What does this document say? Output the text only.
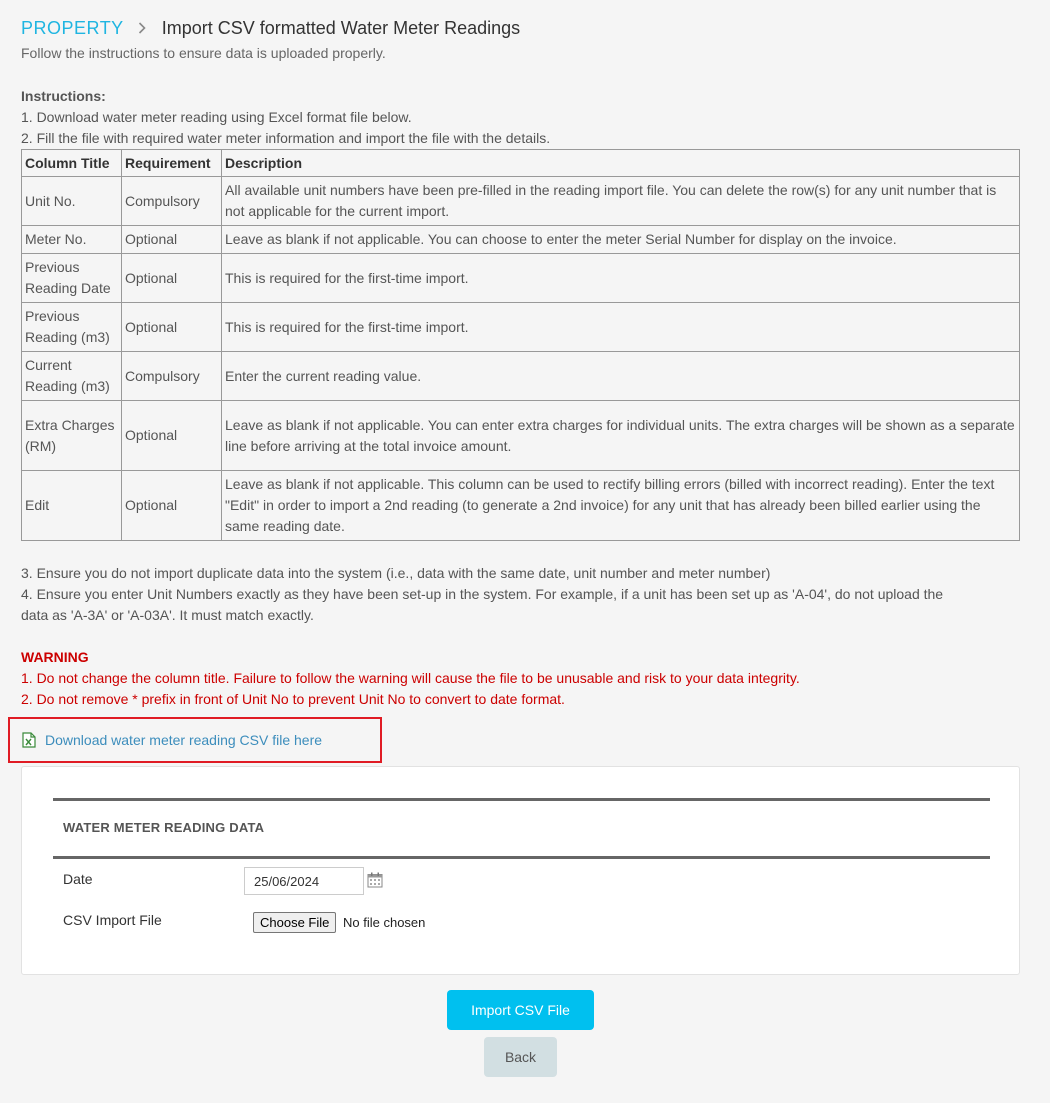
PROPERTY Import CSV formatted Water Meter Readings
Follow the instructions to ensure data is uploaded properly.
Instructions:
1. Download water meter reading using Excel format file below.
2. Fill the file with required water meter information and import the file with the details.
Column Title	Requirement	Description
Unit No.	Compulsory	All available unit numbers have been pre-filled in the reading import file. You can delete the row(s) for any unit number that is not applicable for the current import.
Meter No.	Optional	Leave as blank if not applicable. You can choose to enter the meter Serial Number for display on the invoice.
Previous Reading Date	Optional	This is required for the first-time import.
Previous Reading (m3)	Optional	This is required for the first-time import.
Current Reading (m3)	Compulsory	Enter the current reading value.
Extra Charges (RM)	Optional	Leave as blank if not applicable. You can enter extra charges for individual units. The extra charges will be shown as a separate line before arriving at the total invoice amount.
Edit	Optional	Leave as blank if not applicable. This column can be used to rectify billing errors (billed with incorrect reading). Enter the text "Edit" in order to import a 2nd reading (to generate a 2nd invoice) for any unit that has already been billed earlier using the same reading date.
3. Ensure you do not import duplicate data into the system (i.e., data with the same date, unit number and meter number)
4. Ensure you enter Unit Numbers exactly as they have been set-up in the system. For example, if a unit has been set up as 'A-04', do not upload the
data as 'A-3A' or 'A-03A'. It must match exactly.
WARNING
1. Do not change the column title. Failure to follow the warning will cause the file to be unusable and risk to your data integrity.
2. Do not remove * prefix in front of Unit No to prevent Unit No to convert to date format.
Download water meter reading CSV file here
WATER METER READING DATA
Date	25/06/2024
CSV Import File	Choose File	No file chosen
Import CSV File
Back
